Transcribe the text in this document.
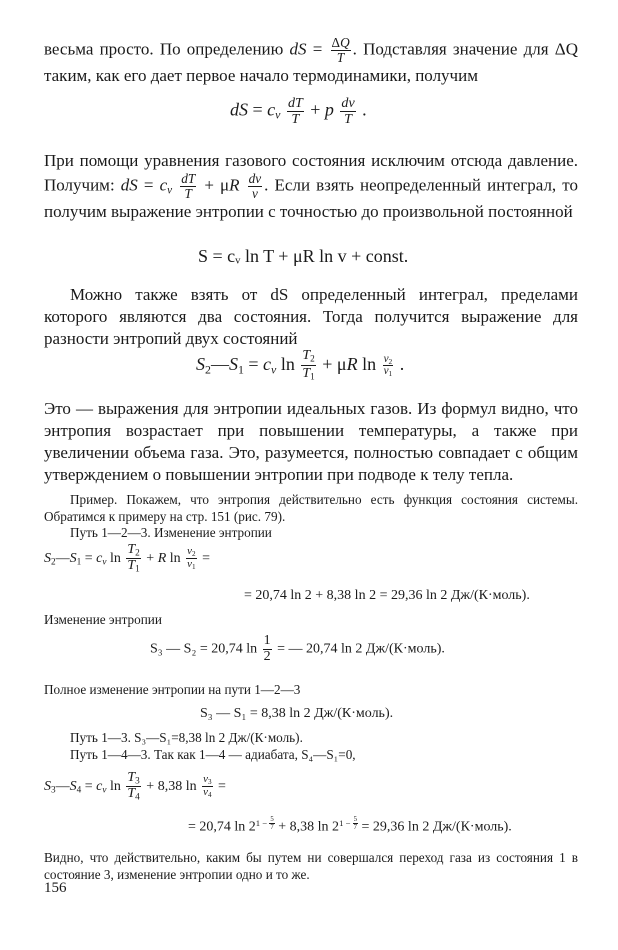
весьма просто. По определению dS = $\frac{\Delta Q}{T}$ . Подставляя значение для ΔQ таким, как его дает первое начало термодинамики, получим

dS = $c_v \frac{dT}{T} + p \frac{dv}{T}$ .

При помощи уравнения газового состояния исключим отсюда давление. Получим: dS = $c_v \frac{dT}{T} + \mu R \frac{dv}{v}$ . Если взять неопределенный интеграл, то получим выражение энтропии с точностью до произвольной постоянной

S = cᵥ ln T + μR ln v + const.

Можно также взять от dS определенный интеграл, пределами которого являются два состояния. Тогда получится выражение для разности энтропий двух состояний

$S_2—S_1 = c_v$ $\ln \frac{T_2}{T_1} + \mu R$ $\ln \frac{v_2}{v_1}$ .

Это — выражения для энтропии идеальных газов. Из формул видно, что энтропия возрастает при повышении температуры, а также при увеличении объема газа. Это, разумеется, полностью совпадает с общим утверждением о повышении энтропии при подводе к телу тепла.

Пример. Покажем, что энтропия действительно есть функция состояния системы. Обратимся к примеру на стр. 151 (рис. 79).

Путь 1—2—3. Изменение энтропии

$S_2—S_1 = c_v$ $\ln \frac{T_2}{T_1} + R$ $\ln \frac{v_2}{v_1}$ =
= 20,74 ln 2 + 8,38 ln 2 = 29,36 ln 2 Дж/(К·моль).

Изменение энтропии

S₃ — S₂ = 20,74 $\ln \frac{1}{2}$ = — 20,74 ln 2 Дж/(К·моль).

Полное изменение энтропии на пути 1—2—3

S₃ — S₁ = 8,38 ln 2 Дж/(К·моль).

Путь 1—3. S₃—S₁=8,38 ln 2 Дж/(К·моль).

Путь 1—4—3. Так как 1—4 — адиабата, S₄—S₁=0,

$S_3—S_4 = c_v$ $\ln \frac{T_3}{T_4} + 8,38$ $\ln \frac{v_3}{v_4}$ =
= 20,74 $\ln 2^{1 - \frac{5}{7}} + 8,38$ $\ln 2^{1 - \frac{5}{7}} = 29,36$ ln 2 Дж/(К·моль).

Видно, что действительно, каким бы путем ни совершался переход газа из состояния 1 в состояние 3, изменение энтропии одно и то же.

156
